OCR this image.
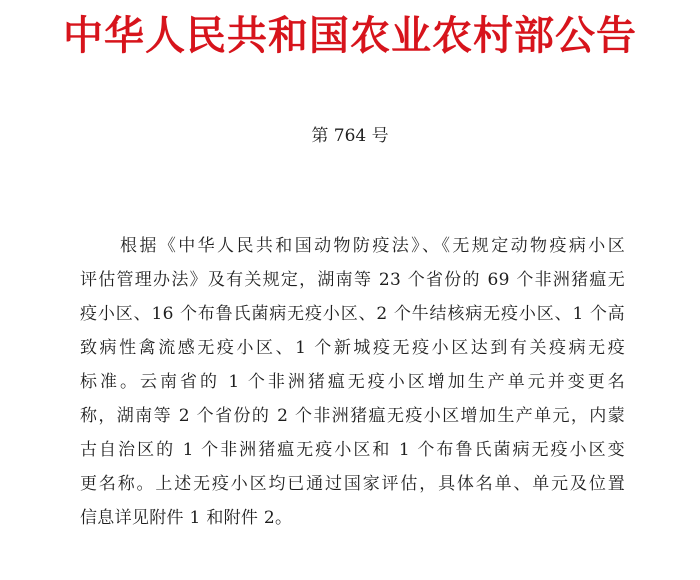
中华人民共和国农业农村部公告

第 764 号

根据《中华人民共和国动物防疫法》、《无规定动物疫病小区
评估管理办法》及有关规定，湖南等 23 个省份的 69 个非洲猪瘟无
疫小区、16 个布鲁氏菌病无疫小区、2 个牛结核病无疫小区、1 个高
致病性禽流感无疫小区、1 个新城疫无疫小区达到有关疫病无疫
标准。云南省的 1 个非洲猪瘟无疫小区增加生产单元并变更名
称，湖南等 2 个省份的 2 个非洲猪瘟无疫小区增加生产单元，内蒙
古自治区的 1 个非洲猪瘟无疫小区和 1 个布鲁氏菌病无疫小区变
更名称。上述无疫小区均已通过国家评估，具体名单、单元及位置
信息详见附件 1 和附件 2。
